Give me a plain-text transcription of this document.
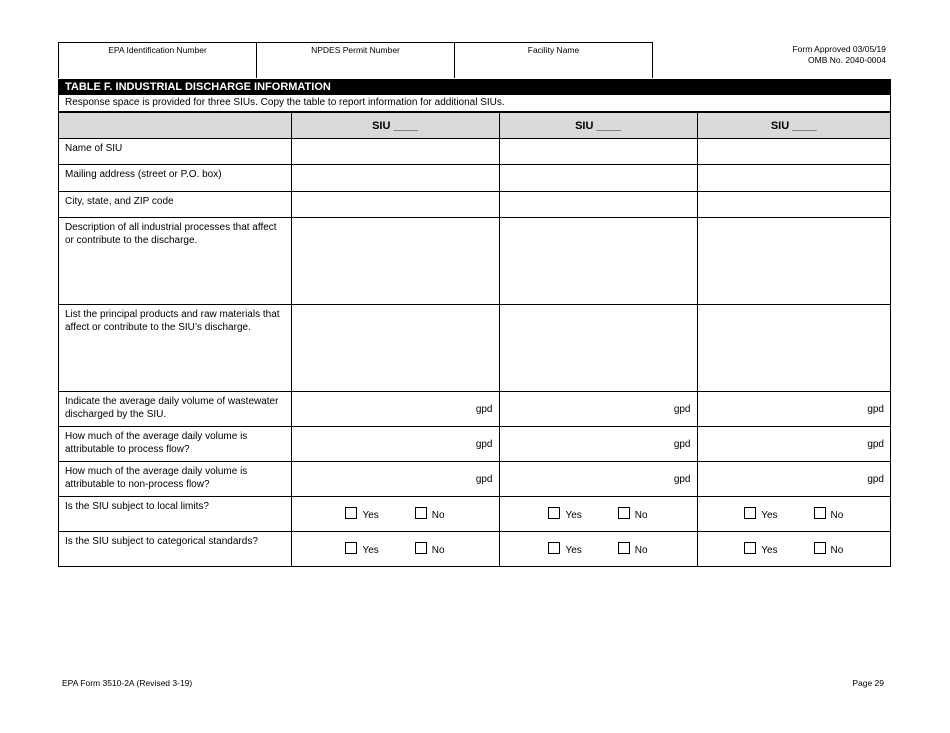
EPA Identification Number	NPDES Permit Number	Facility Name	Form Approved 03/05/19
OMB No. 2040-0004
TABLE F. INDUSTRIAL DISCHARGE INFORMATION
Response space is provided for three SIUs. Copy the table to report information for additional SIUs.
	SIU ____	SIU ____	SIU ____
Name of SIU			
Mailing address (street or P.O. box)			
City, state, and ZIP code			
Description of all industrial processes that affect or contribute to the discharge.			
List the principal products and raw materials that affect or contribute to the SIU’s discharge.			
Indicate the average daily volume of wastewater discharged by the SIU.	gpd	gpd	gpd
How much of the average daily volume is attributable to process flow?	gpd	gpd	gpd
How much of the average daily volume is attributable to non-process flow?	gpd	gpd	gpd
Is the SIU subject to local limits?	Yes No	Yes No	Yes No
Is the SIU subject to categorical standards?	Yes No	Yes No	Yes No
EPA Form 3510-2A (Revised 3-19)	Page 29
